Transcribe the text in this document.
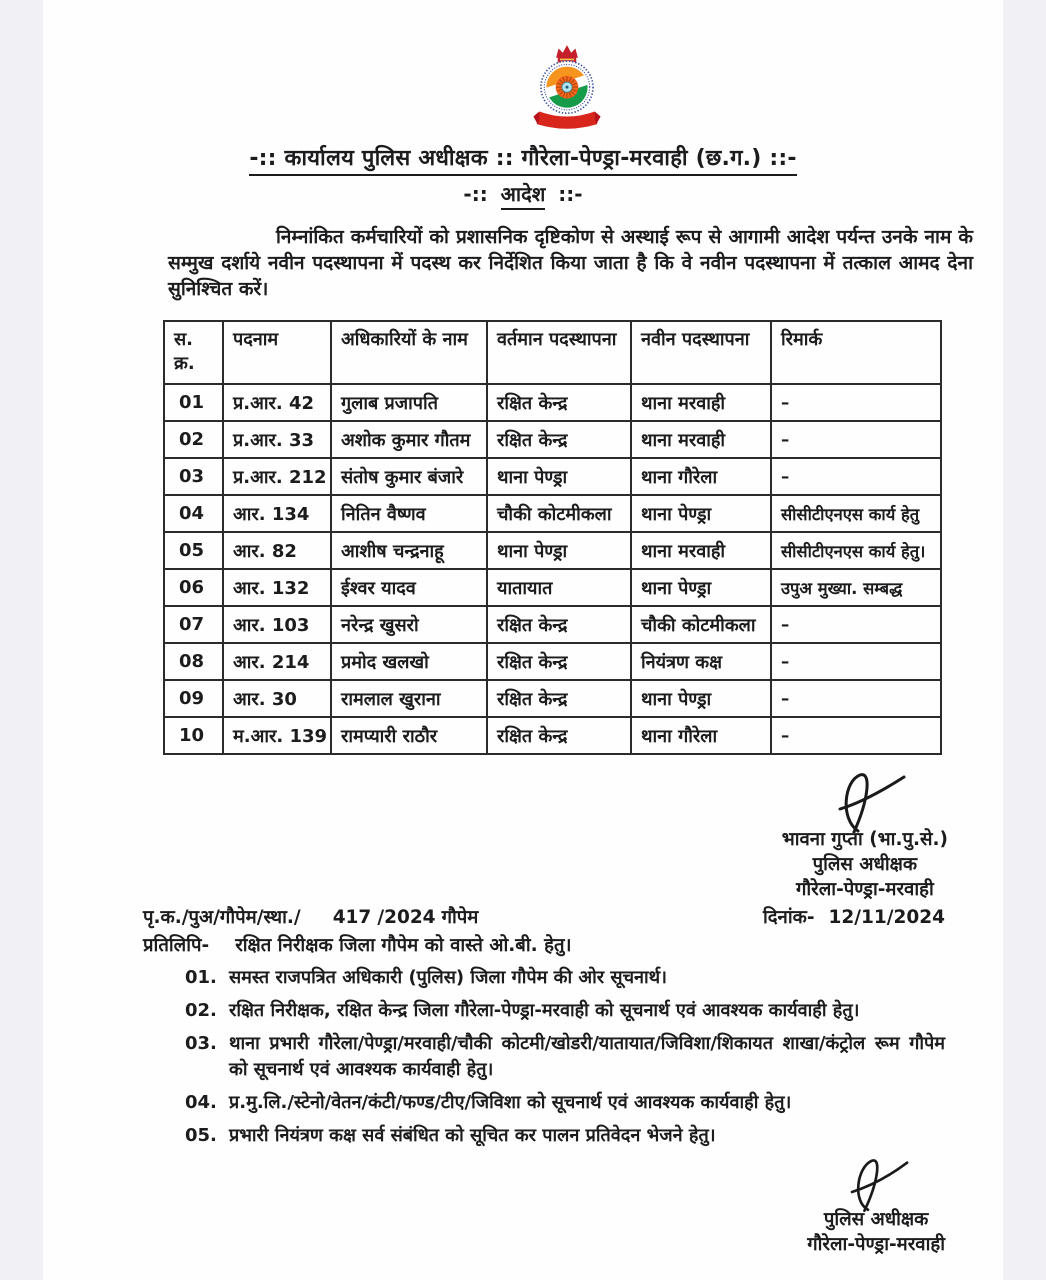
-:: कार्यालय पुलिस अधीक्षक :: गौरेला-पेण्ड्रा-मरवाही (छ.ग.) ::-
-:: आदेश ::-

निम्नांकित कर्मचारियों को प्रशासनिक दृष्टिकोण से अस्थाई रूप से आगामी आदेश पर्यन्त उनके नाम के सम्मुख दर्शाये नवीन पदस्थापना में पदस्थ कर निर्देशित किया जाता है कि वे नवीन पदस्थापना में तत्काल आमद देना सुनिश्चित करें।

स. क्र.	पदनाम	अधिकारियों के नाम	वर्तमान पदस्थापना	नवीन पदस्थापना	रिमार्क
01	प्र.आर. 42	गुलाब प्रजापति	रक्षित केन्द्र	थाना मरवाही	–
02	प्र.आर. 33	अशोक कुमार गौतम	रक्षित केन्द्र	थाना मरवाही	–
03	प्र.आर. 212	संतोष कुमार बंजारे	थाना पेण्ड्रा	थाना गौरेला	–
04	आर. 134	नितिन वैष्णव	चौकी कोटमीकला	थाना पेण्ड्रा	सीसीटीएनएस कार्य हेतु
05	आर. 82	आशीष चन्द्रनाहू	थाना पेण्ड्रा	थाना मरवाही	सीसीटीएनएस कार्य हेतु।
06	आर. 132	ईश्वर यादव	यातायात	थाना पेण्ड्रा	उपुअ मुख्या. सम्बद्ध
07	आर. 103	नरेन्द्र खुसरो	रक्षित केन्द्र	चौकी कोटमीकला	–
08	आर. 214	प्रमोद खलखो	रक्षित केन्द्र	नियंत्रण कक्ष	–
09	आर. 30	रामलाल खुराना	रक्षित केन्द्र	थाना पेण्ड्रा	–
10	म.आर. 139	रामप्यारी राठौर	रक्षित केन्द्र	थाना गौरेला	–
भावना गुप्ता (भा.पु.से.)
पुलिस अधीक्षक
गौरेला-पेण्ड्रा-मरवाही
पृ.क./पुअ/गौपेम/स्था./ 417 /2024 गौपेम	दिनांक- 12/11/2024
प्रतिलिपि- रक्षित निरीक्षक जिला गौपेम को वास्ते ओ.बी. हेतु।
01. समस्त राजपत्रित अधिकारी (पुलिस) जिला गौपेम की ओर सूचनार्थ।
02. रक्षित निरीक्षक, रक्षित केन्द्र जिला गौरेला-पेण्ड्रा-मरवाही को सूचनार्थ एवं आवश्यक कार्यवाही हेतु।
03. थाना प्रभारी गौरेला/पेण्ड्रा/मरवाही/चौकी कोटमी/खोडरी/यातायात/जिविशा/शिकायत शाखा/कंट्रोल रूम गौपेम को सूचनार्थ एवं आवश्यक कार्यवाही हेतु।
04. प्र.मु.लि./स्टेनो/वेतन/कंटी/फण्ड/टीए/जिविशा को सूचनार्थ एवं आवश्यक कार्यवाही हेतु।
05. प्रभारी नियंत्रण कक्ष सर्व संबंधित को सूचित कर पालन प्रतिवेदन भेजने हेतु।
पुलिस अधीक्षक
गौरेला-पेण्ड्रा-मरवाही
